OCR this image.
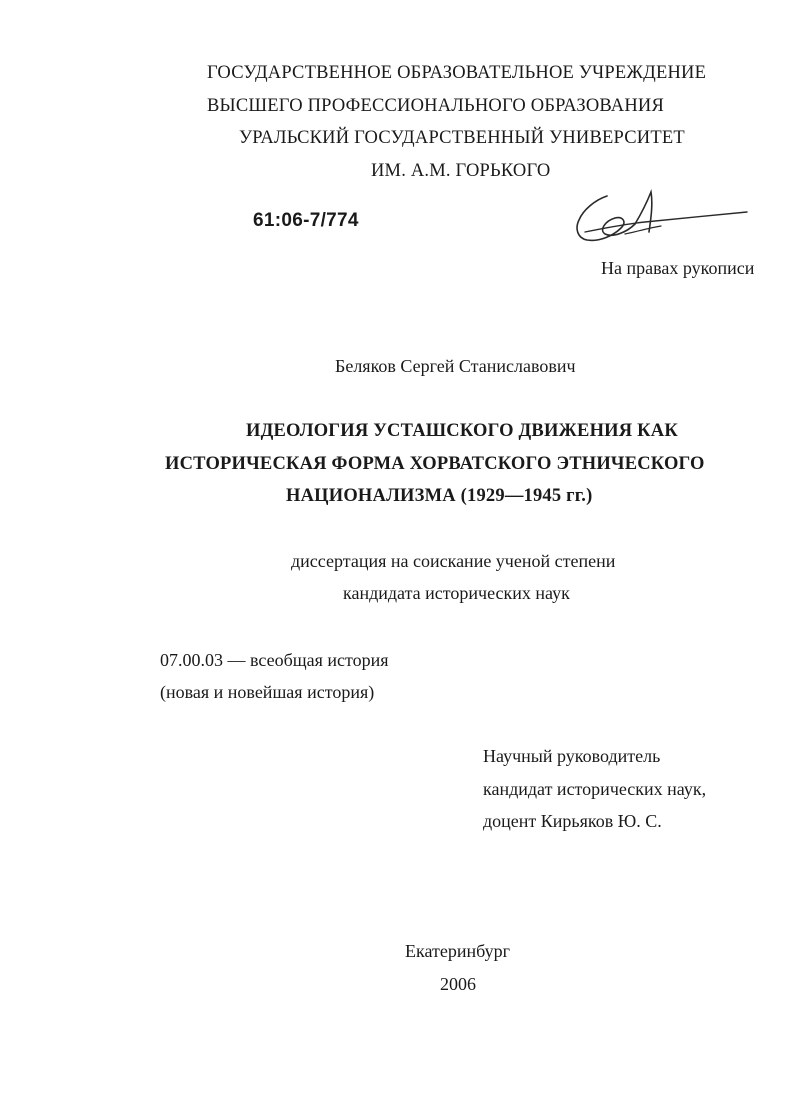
ГОСУДАРСТВЕННОЕ ОБРАЗОВАТЕЛЬНОЕ УЧРЕЖДЕНИЕ
ВЫСШЕГО ПРОФЕССИОНАЛЬНОГО ОБРАЗОВАНИЯ
УРАЛЬСКИЙ ГОСУДАРСТВЕННЫЙ УНИВЕРСИТЕТ
ИМ. А.М. ГОРЬКОГО
61:06-7/774
На правах рукописи
Беляков Сергей Станиславович
ИДЕОЛОГИЯ УСТАШСКОГО ДВИЖЕНИЯ КАК
ИСТОРИЧЕСКАЯ ФОРМА ХОРВАТСКОГО ЭТНИЧЕСКОГО
НАЦИОНАЛИЗМА (1929—1945 гг.)
диссертация на соискание ученой степени
кандидата исторических наук
07.00.03 — всеобщая история
(новая и новейшая история)
Научный руководитель
кандидат исторических наук,
доцент Кирьяков Ю. С.
Екатеринбург
2006
